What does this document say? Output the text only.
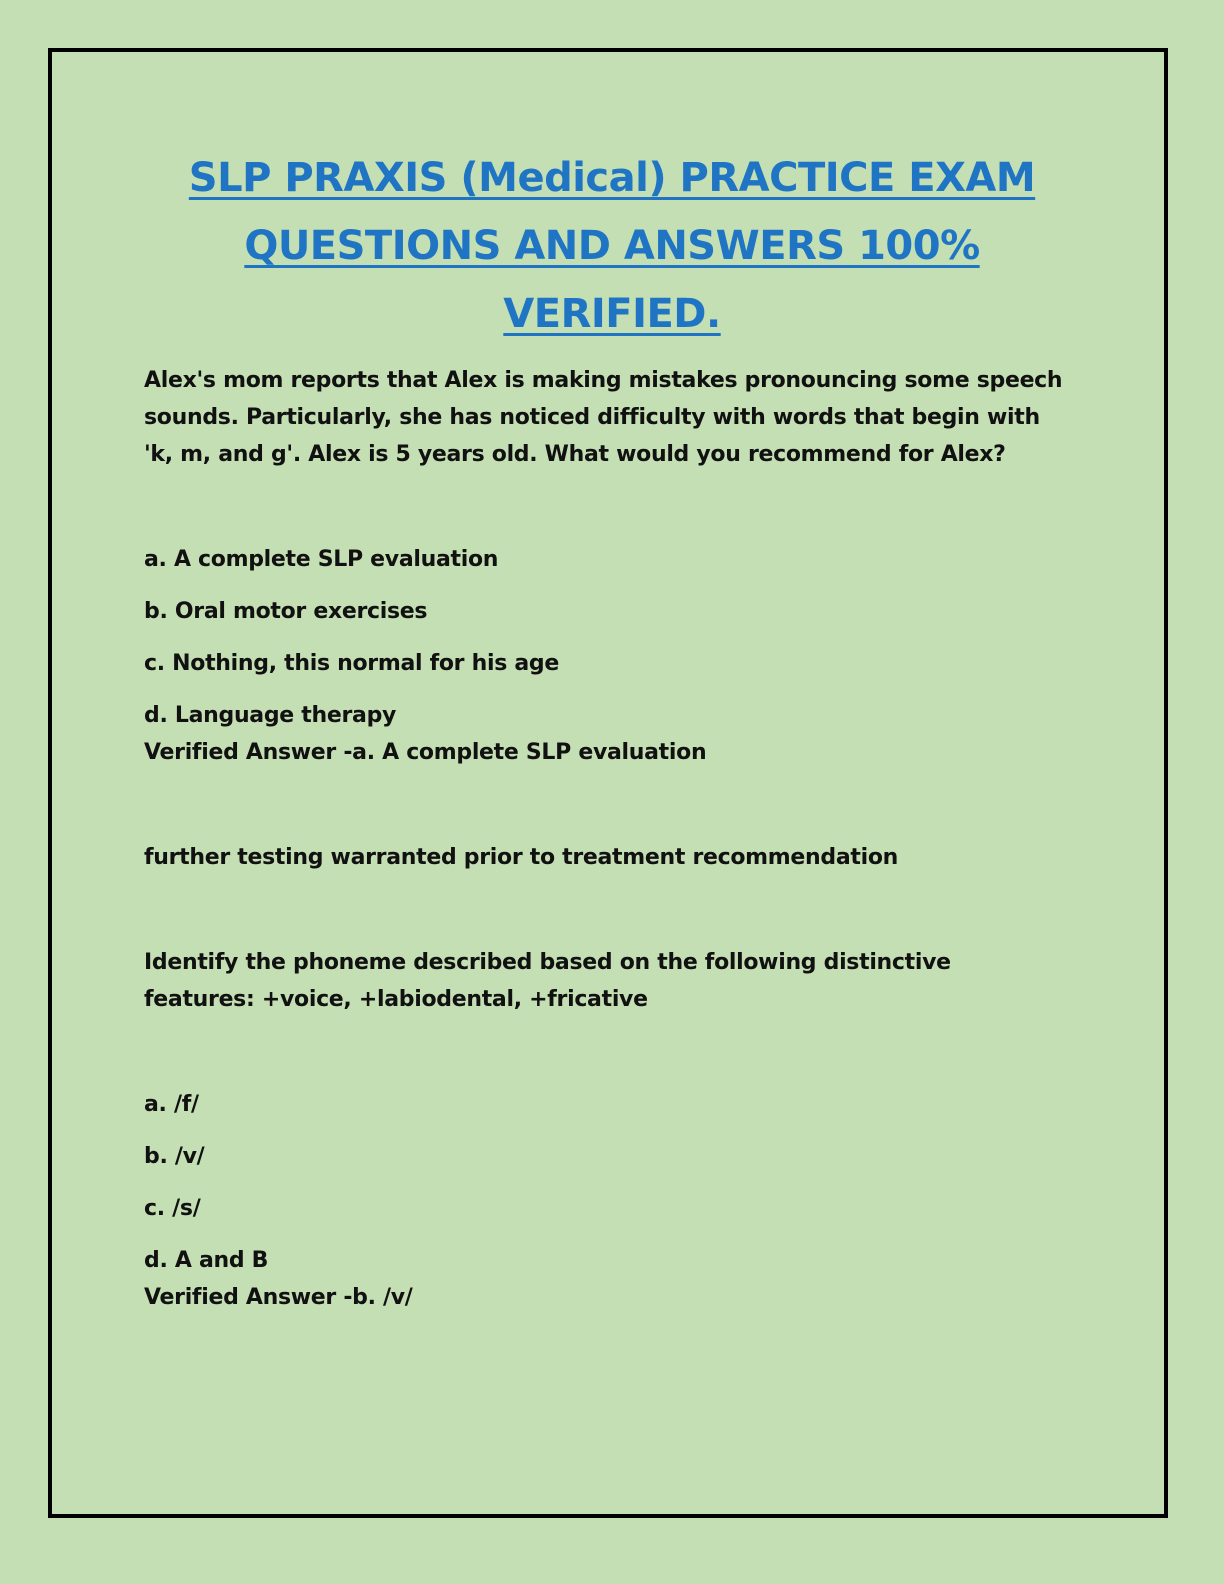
SLP PRAXIS (Medical) PRACTICE EXAM QUESTIONS AND ANSWERS 100% VERIFIED.

Alex's mom reports that Alex is making mistakes pronouncing some speech sounds. Particularly, she has noticed difficulty with words that begin with 'k, m, and g'. Alex is 5 years old. What would you recommend for Alex?

a. A complete SLP evaluation

b. Oral motor exercises

c. Nothing, this normal for his age

d. Language therapy

Verified Answer -a. A complete SLP evaluation

further testing warranted prior to treatment recommendation

Identify the phoneme described based on the following distinctive features: +voice, +labiodental, +fricative

a. /f/

b. /v/

c. /s/

d. A and B

Verified Answer -b. /v/
